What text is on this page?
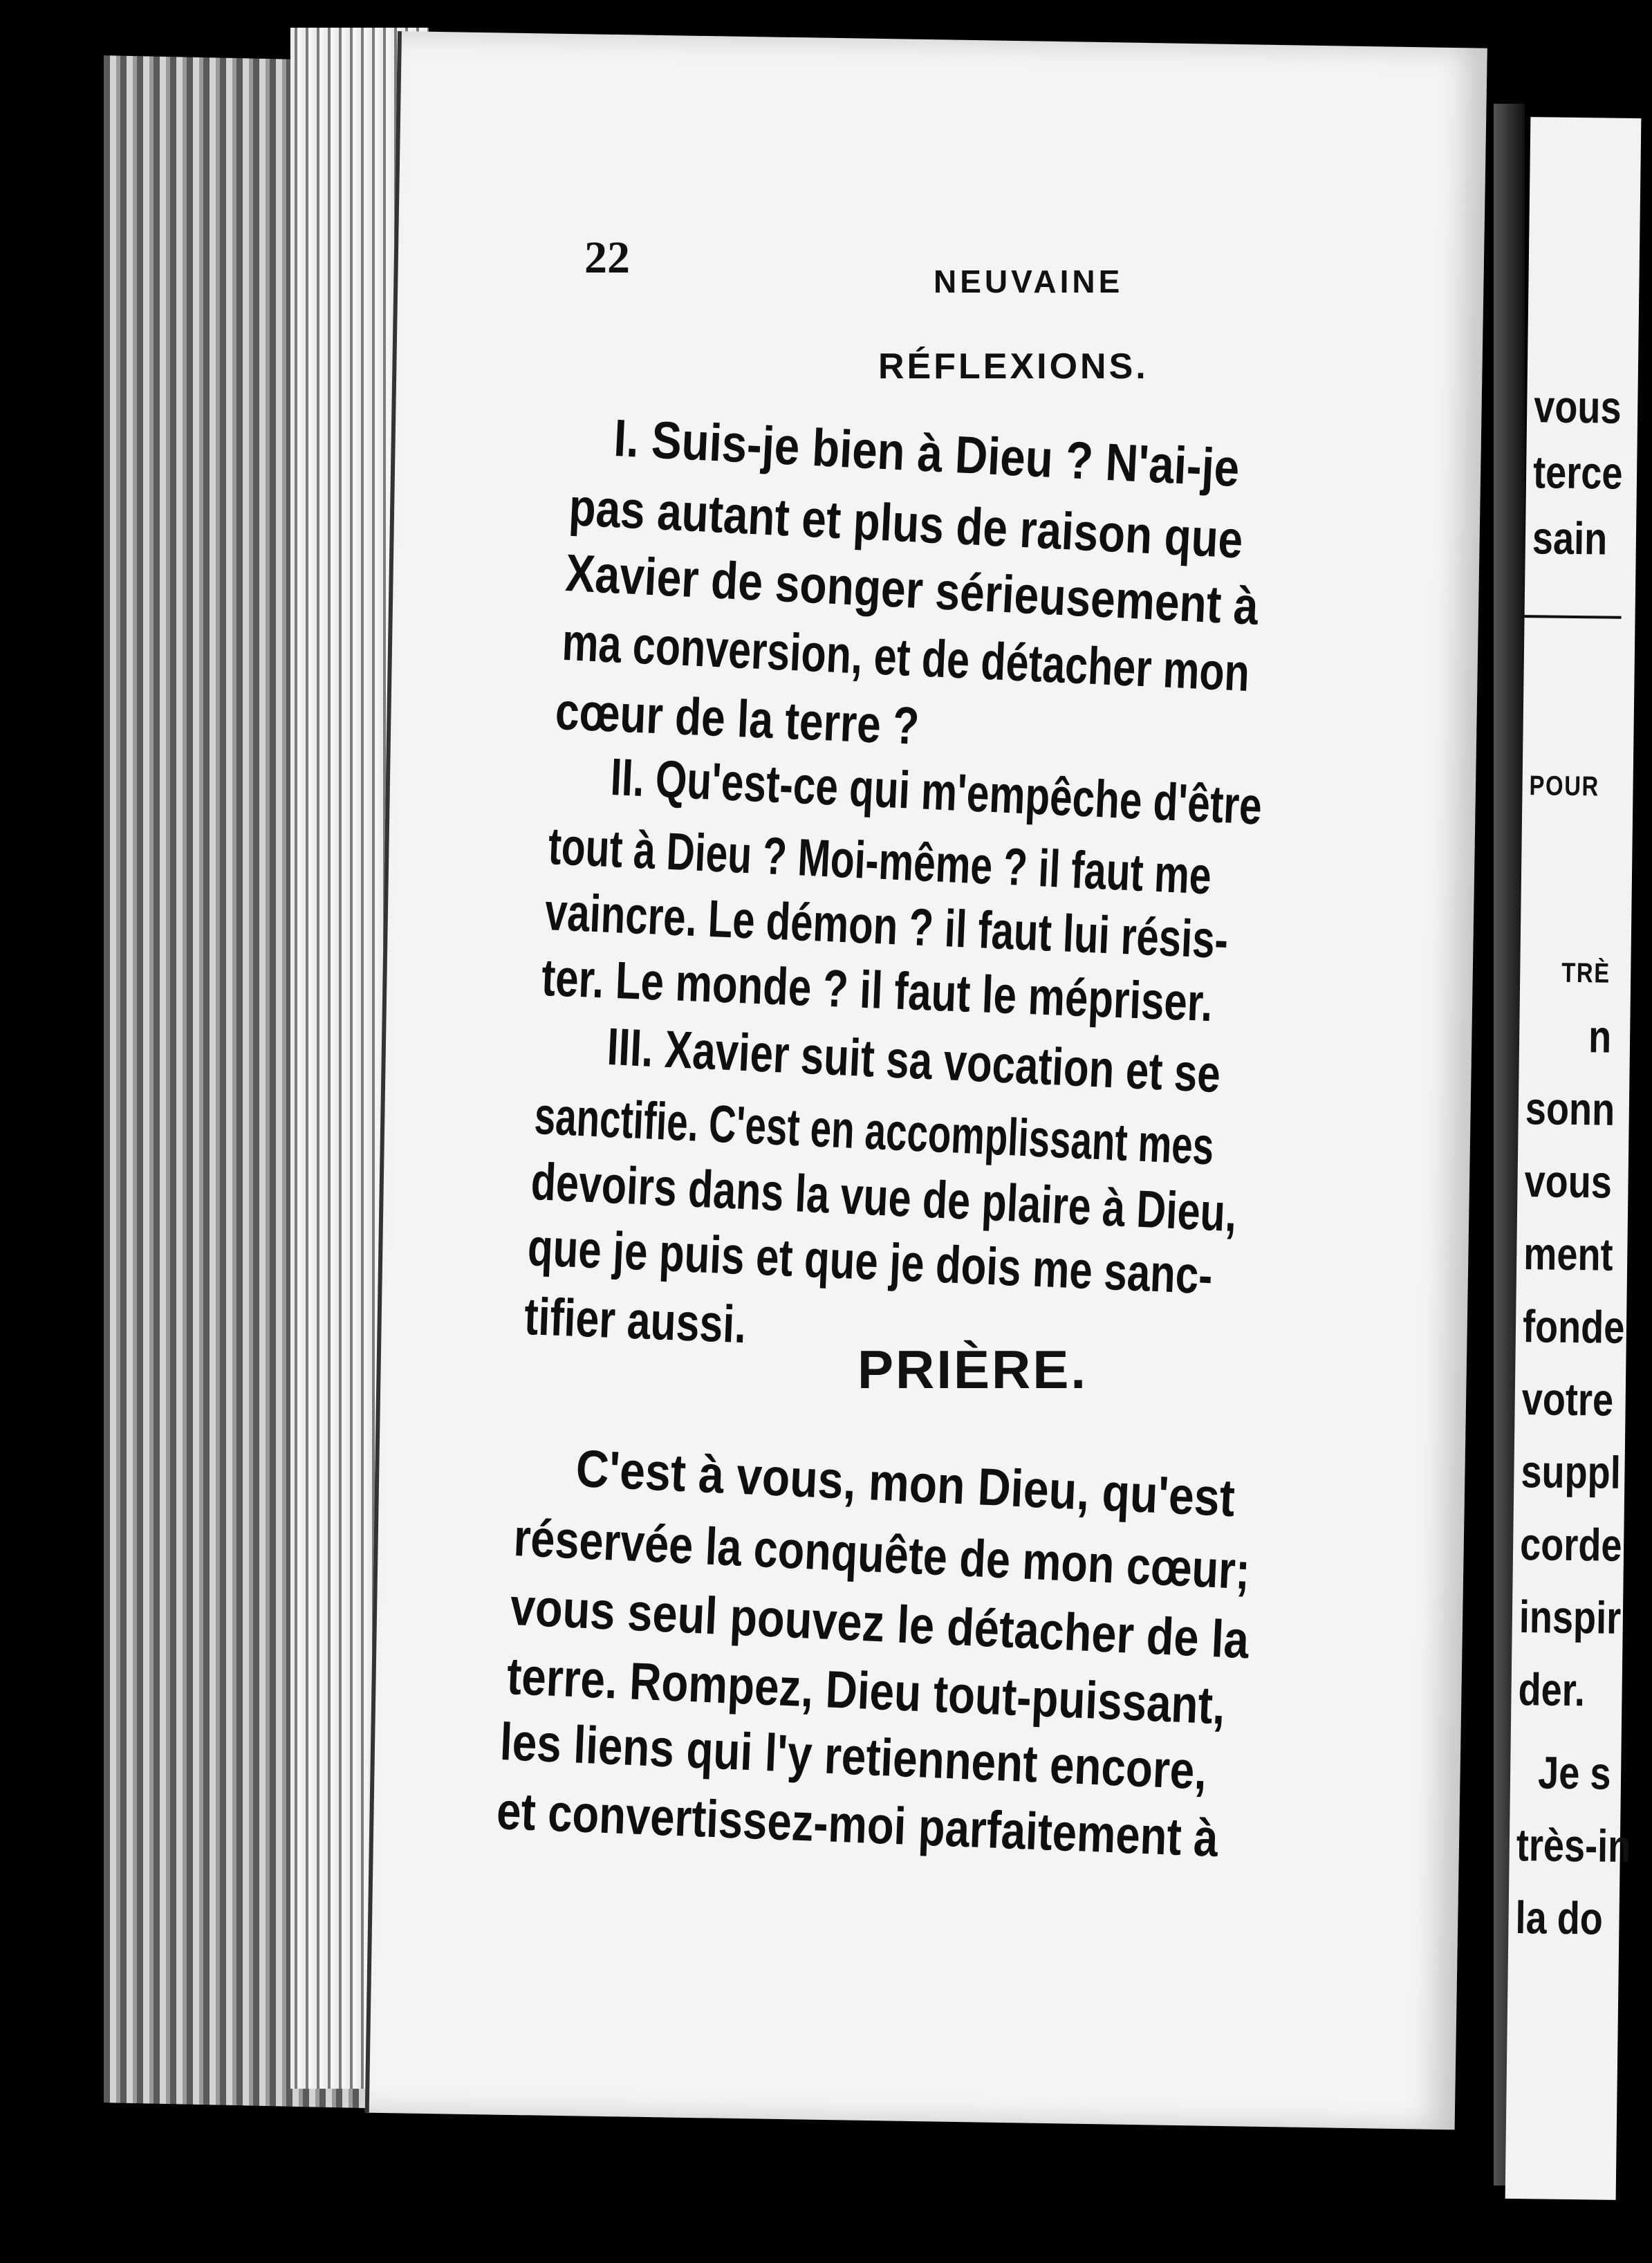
vous
terce
sain
POUR
TRÈ
n
sonn
vous
ment
fonde
votre
suppl
corde
inspir
der.
Je s
très-in
la do
22	NEUVAINE
RÉFLEXIONS.
I. Suis-je bien à Dieu ? N'ai-je
pas autant et plus de raison que
Xavier de songer sérieusement à
ma conversion, et de détacher mon
cœur de la terre ?
II. Qu'est-ce qui m'empêche d'être
tout à Dieu ? Moi-même ? il faut me
vaincre. Le démon ? il faut lui résis-
ter. Le monde ? il faut le mépriser.
III. Xavier suit sa vocation et se
sanctifie. C'est en accomplissant mes
devoirs dans la vue de plaire à Dieu,
que je puis et que je dois me sanc-
tifier aussi.
PRIÈRE.
C'est à vous, mon Dieu, qu'est
réservée la conquête de mon cœur;
vous seul pouvez le détacher de la
terre. Rompez, Dieu tout-puissant,
les liens qui l'y retiennent encore,
et convertissez-moi parfaitement à
